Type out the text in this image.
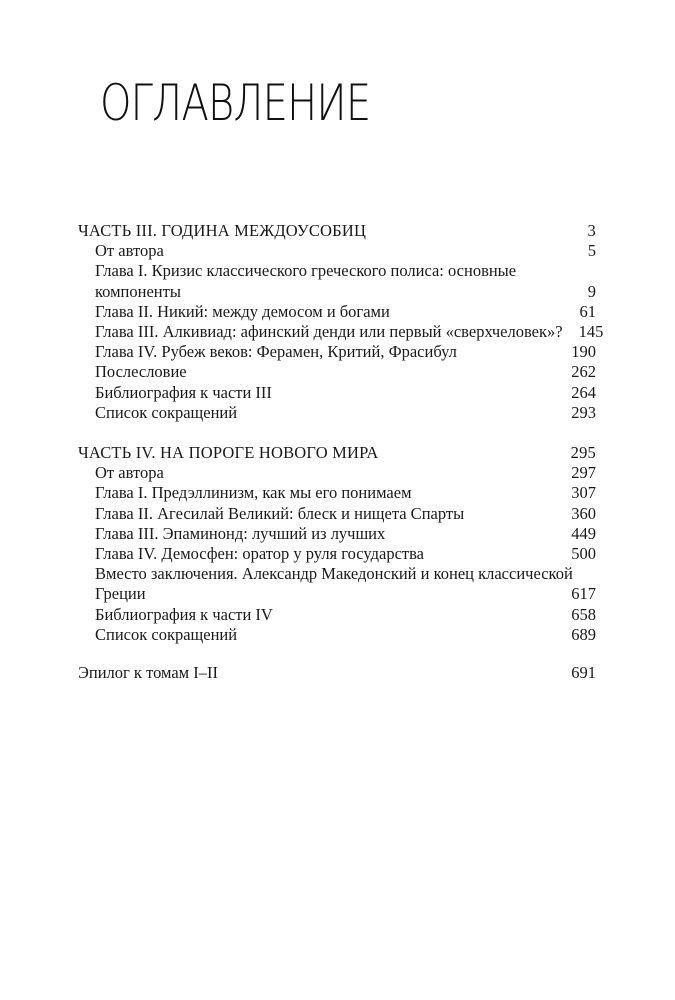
ОГЛАВЛЕНИЕ
ЧАСТЬ III. ГОДИНА МЕЖДОУСОБИЦ	3
От автора	5
Глава I. Кризис классического греческого полиса: основные
компоненты	9
Глава II. Никий: между демосом и богами	61
Глава III. Алкивиад: афинский денди или первый «сверхчеловек»? 145
Глава IV. Рубеж веков: Ферамен, Критий, Фрасибул	190
Послесловие	262
Библиография к части III	264
Список сокращений	293
ЧАСТЬ IV. НА ПОРОГЕ НОВОГО МИРА	295
От автора	297
Глава I. Предэллинизм, как мы его понимаем	307
Глава II. Агесилай Великий: блеск и нищета Спарты	360
Глава III. Эпаминонд: лучший из лучших	449
Глава IV. Демосфен: оратор у руля государства	500
Вместо заключения. Александр Македонский и конец классической
Греции	617
Библиография к части IV	658
Список сокращений	689
Эпилог к томам I–II	691
